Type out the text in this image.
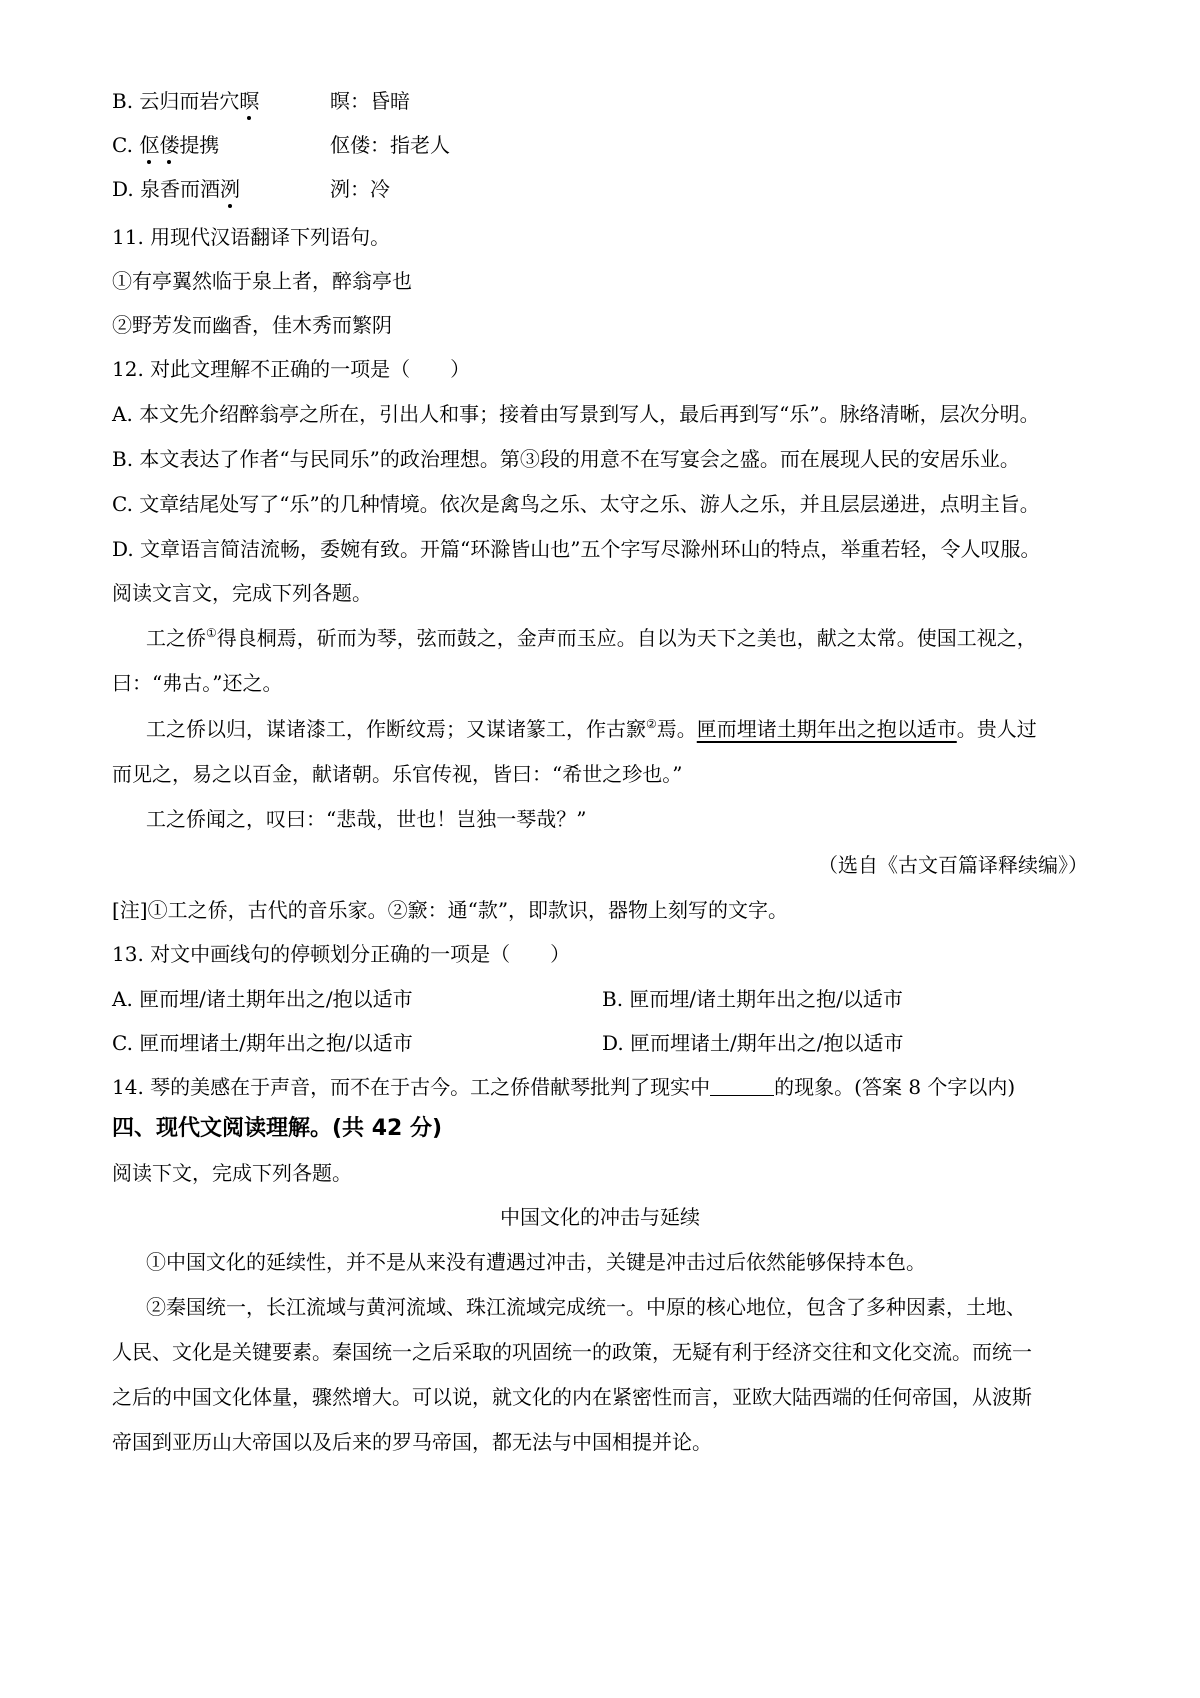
B. 云归而岩穴暝	暝：昏暗
C. 伛偻提携	伛偻：指老人
D. 泉香而酒洌	洌：冷
11. 用现代汉语翻译下列语句。
①有亭翼然临于泉上者，醉翁亭也
②野芳发而幽香，佳木秀而繁阴
12. 对此文理解不正确的一项是（　　）
A. 本文先介绍醉翁亭之所在，引出人和事；接着由写景到写人，最后再到写“乐”。脉络清晰，层次分明。
B. 本文表达了作者“与民同乐”的政治理想。第③段的用意不在写宴会之盛。而在展现人民的安居乐业。
C. 文章结尾处写了“乐”的几种情境。依次是禽鸟之乐、太守之乐、游人之乐，并且层层递进，点明主旨。
D. 文章语言简洁流畅，委婉有致。开篇“环滁皆山也”五个字写尽滁州环山的特点，举重若轻，令人叹服。
阅读文言文，完成下列各题。
工之侨①得良桐焉，斫而为琴，弦而鼓之，金声而玉应。自以为天下之美也，献之太常。使国工视之，
曰：“弗古。”还之。
工之侨以归，谋诸漆工，作断纹焉；又谋诸篆工，作古窾②焉。匣而埋诸土期年出之抱以适市。贵人过
而见之，易之以百金，献诸朝。乐官传视，皆曰：“希世之珍也。”
工之侨闻之，叹曰：“悲哉，世也！岂独一琴哉？”
（选自《古文百篇译释续编》）
[注]①工之侨，古代的音乐家。②窾：通“款”，即款识，器物上刻写的文字。
13. 对文中画线句的停顿划分正确的一项是（　　）
A. 匣而埋/诸土期年出之/抱以适市	B. 匣而埋/诸土期年出之抱/以适市
C. 匣而埋诸土/期年出之抱/以适市	D. 匣而埋诸土/期年出之/抱以适市
14. 琴的美感在于声音，而不在于古今。工之侨借献琴批判了现实中	的现象。(答案 8 个字以内)
四、现代文阅读理解。(共 42 分)
阅读下文，完成下列各题。
中国文化的冲击与延续
①中国文化的延续性，并不是从来没有遭遇过冲击，关键是冲击过后依然能够保持本色。
②秦国统一，长江流域与黄河流域、珠江流域完成统一。中原的核心地位，包含了多种因素，土地、
人民、文化是关键要素。秦国统一之后采取的巩固统一的政策，无疑有利于经济交往和文化交流。而统一
之后的中国文化体量，骤然增大。可以说，就文化的内在紧密性而言，亚欧大陆西端的任何帝国，从波斯
帝国到亚历山大帝国以及后来的罗马帝国，都无法与中国相提并论。
